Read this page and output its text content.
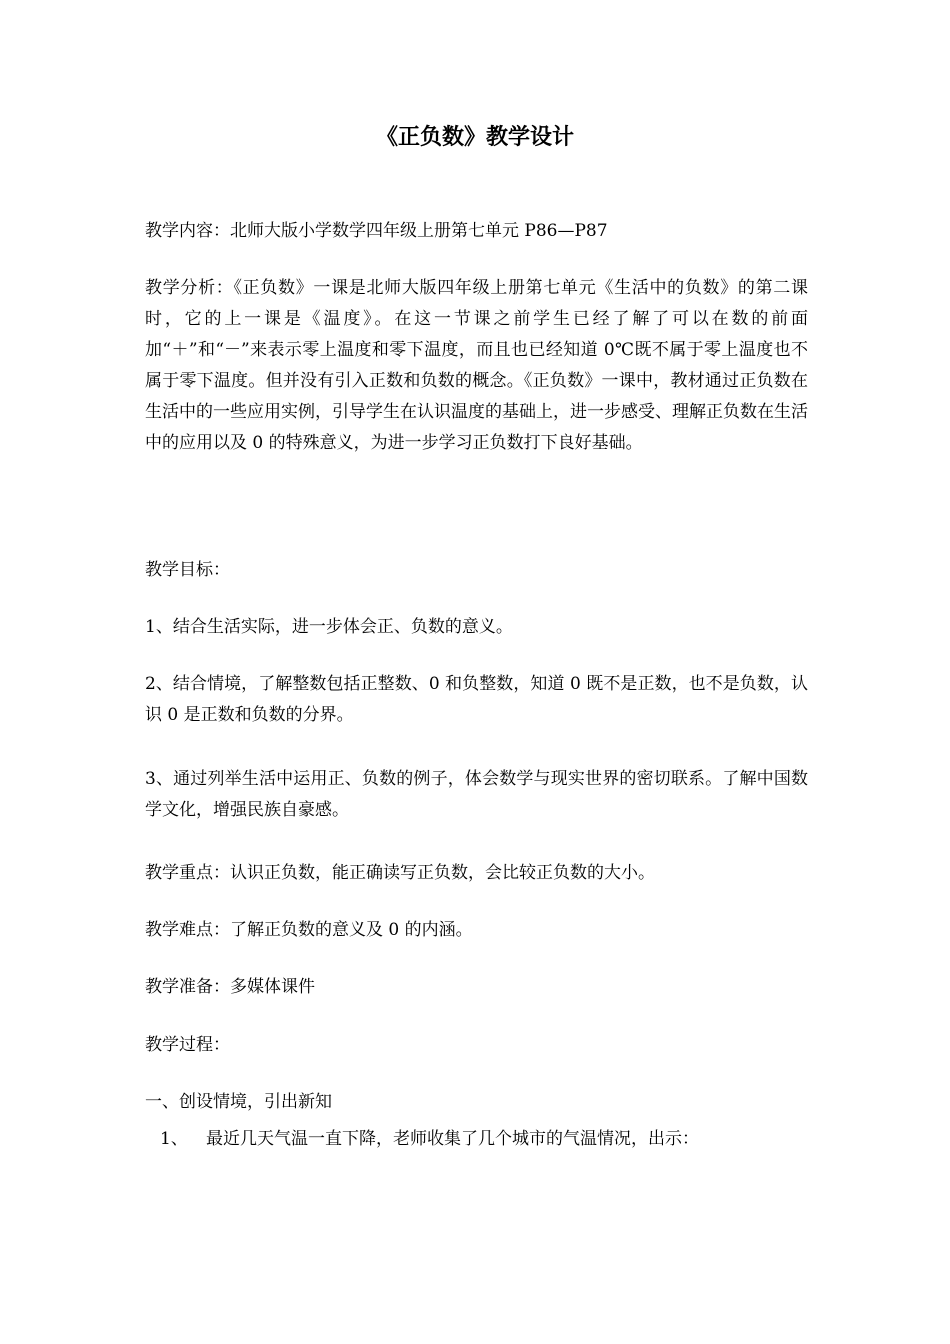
《正负数》教学设计

教学内容：北师大版小学数学四年级上册第七单元 P86—P87

教学分析：《正负数》一课是北师大版四年级上册第七单元《生活中的负数》的第二课时，它的上一课是《温度》。在这一节课之前学生已经了解了可以在数的前面加“＋”和“－”来表示零上温度和零下温度，而且也已经知道 0℃既不属于零上温度也不属于零下温度。但并没有引入正数和负数的概念。《正负数》一课中，教材通过正负数在生活中的一些应用实例，引导学生在认识温度的基础上，进一步感受、理解正负数在生活中的应用以及 0 的特殊意义，为进一步学习正负数打下良好基础。

教学目标：

1、结合生活实际，进一步体会正、负数的意义。

2、结合情境，了解整数包括正整数、0 和负整数，知道 0 既不是正数，也不是负数，认识 0 是正数和负数的分界。

3、通过列举生活中运用正、负数的例子，体会数学与现实世界的密切联系。了解中国数学文化，增强民族自豪感。

教学重点：认识正负数，能正确读写正负数，会比较正负数的大小。

教学难点：了解正负数的意义及 0 的内涵。

教学准备：多媒体课件

教学过程：

一、创设情境，引出新知
1、 最近几天气温一直下降，老师收集了几个城市的气温情况，出示：
